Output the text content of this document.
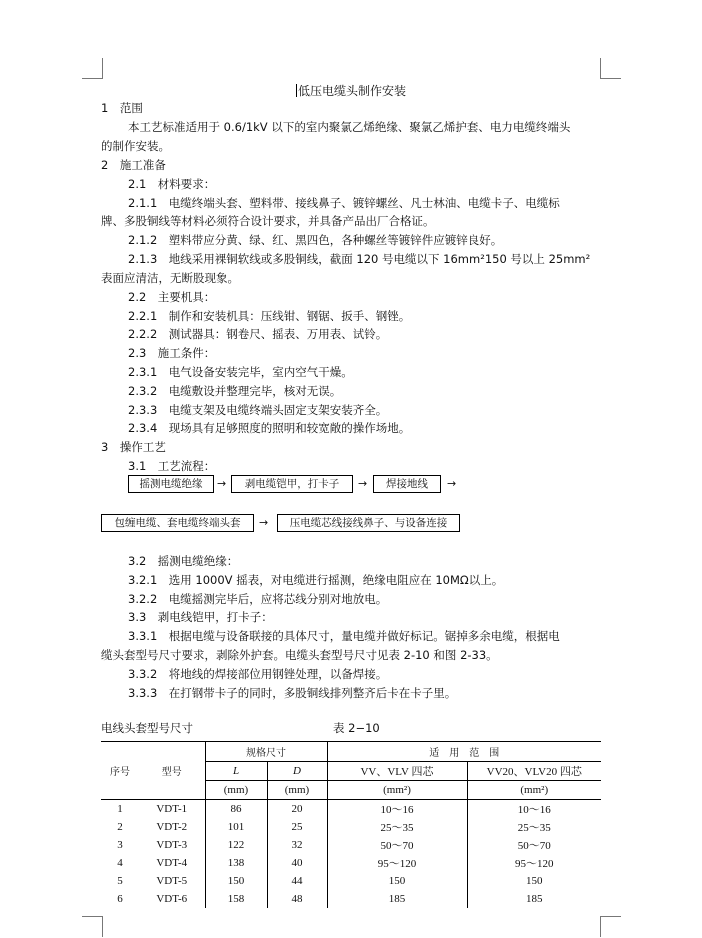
低压电缆头制作安装
1　范围
本工艺标准适用于 0.6/1kV 以下的室内聚氯乙烯绝缘、聚氯乙烯护套、电力电缆终端头
的制作安装。
2　施工准备
2.1　材料要求：
2.1.1　电缆终端头套、塑料带、接线鼻子、镀锌螺丝、凡士林油、电缆卡子、电缆标
牌、多股铜线等材料必须符合设计要求，并具备产品出厂合格证。
2.1.2　塑料带应分黄、绿、红、黑四色，各种螺丝等镀锌件应镀锌良好。
2.1.3　地线采用裸铜软线或多股铜线，截面 120 号电缆以下 16mm²150 号以上 25mm²
表面应清洁，无断股现象。
2.2　主要机具：
2.2.1　制作和安装机具：压线钳、钢锯、扳手、钢锉。
2.2.2　测试器具：钢卷尺、摇表、万用表、试铃。
2.3　施工条件：
2.3.1　电气设备安装完毕，室内空气干燥。
2.3.2　电缆敷设并整理完毕，核对无误。
2.3.3　电缆支架及电缆终端头固定支架安装齐全。
2.3.4　现场具有足够照度的照明和较宽敞的操作场地。
3　操作工艺
3.1　工艺流程：
摇测电缆绝缘	→	剥电缆铠甲，打卡子	→	焊接地线	→
包缠电缆、套电缆终端头套	→	压电缆芯线接线鼻子、与设备连接
3.2　摇测电缆绝缘：
3.2.1　选用 1000V 摇表，对电缆进行摇测，绝缘电阻应在 10MΩ以上。
3.2.2　电缆摇测完毕后，应将芯线分别对地放电。
3.3　剥电线铠甲，打卡子：
3.3.1　根据电缆与设备联接的具体尺寸，量电缆并做好标记。锯掉多余电缆，根据电
缆头套型号尺寸要求，剥除外护套。电缆头套型号尺寸见表 2-10 和图 2-33。
3.3.2　将地线的焊接部位用钢锉处理，以备焊接。
3.3.3　在打钢带卡子的同时，多股铜线排列整齐后卡在卡子里。
电线头套型号尺寸	表 2−10
序号	型号	规格尺寸		适　用　范　围	
		L	D	VV、VLV 四芯	VV20、VLV20 四芯
		(mm)	(mm)	(mm²)	(mm²)
1	VDT-1	86	20	10～16	10～16
2	VDT-2	101	25	25～35	25～35
3	VDT-3	122	32	50～70	50～70
4	VDT-4	138	40	95～120	95～120
5	VDT-5	150	44	150	150
6	VDT-6	158	48	185	185
